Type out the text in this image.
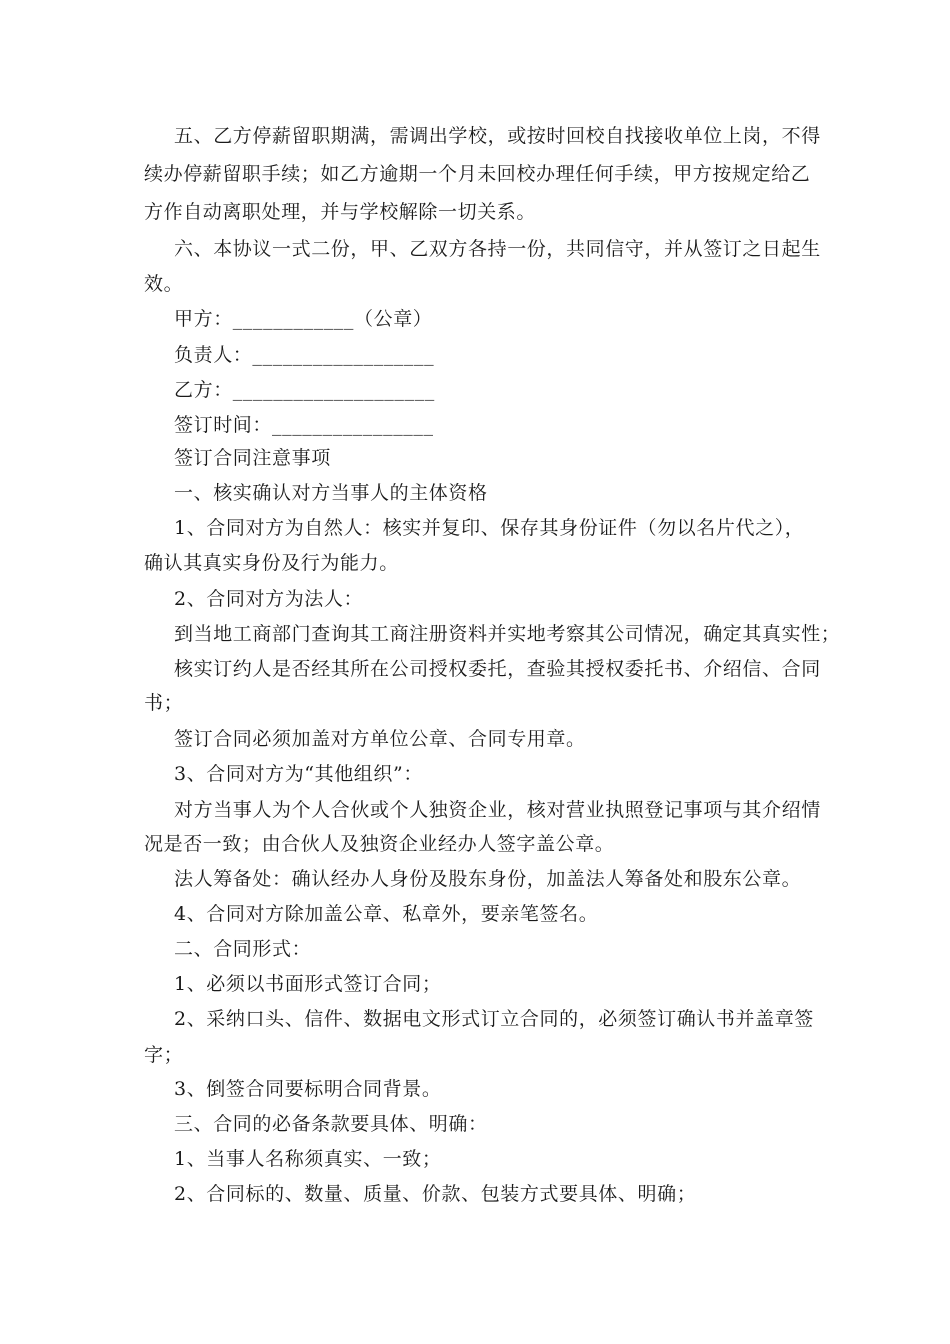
五、乙方停薪留职期满，需调出学校，或按时回校自找接收单位上岗，不得
续办停薪留职手续；如乙方逾期一个月未回校办理任何手续，甲方按规定给乙
方作自动离职处理，并与学校解除一切关系。
六、本协议一式二份，甲、乙双方各持一份，共同信守，并从签订之日起生
效。
甲方：____________（公章）
负责人：__________________
乙方：____________________
签订时间：________________
签订合同注意事项
一、核实确认对方当事人的主体资格
1、合同对方为自然人：核实并复印、保存其身份证件（勿以名片代之），
确认其真实身份及行为能力。
2、合同对方为法人：
到当地工商部门查询其工商注册资料并实地考察其公司情况，确定其真实性；
核实订约人是否经其所在公司授权委托，查验其授权委托书、介绍信、合同
书；
签订合同必须加盖对方单位公章、合同专用章。
3、合同对方为“其他组织”：
对方当事人为个人合伙或个人独资企业，核对营业执照登记事项与其介绍情
况是否一致；由合伙人及独资企业经办人签字盖公章。
法人筹备处：确认经办人身份及股东身份，加盖法人筹备处和股东公章。
4、合同对方除加盖公章、私章外，要亲笔签名。
二、合同形式：
1、必须以书面形式签订合同；
2、采纳口头、信件、数据电文形式订立合同的，必须签订确认书并盖章签
字；
3、倒签合同要标明合同背景。
三、合同的必备条款要具体、明确：
1、当事人名称须真实、一致；
2、合同标的、数量、质量、价款、包装方式要具体、明确；
